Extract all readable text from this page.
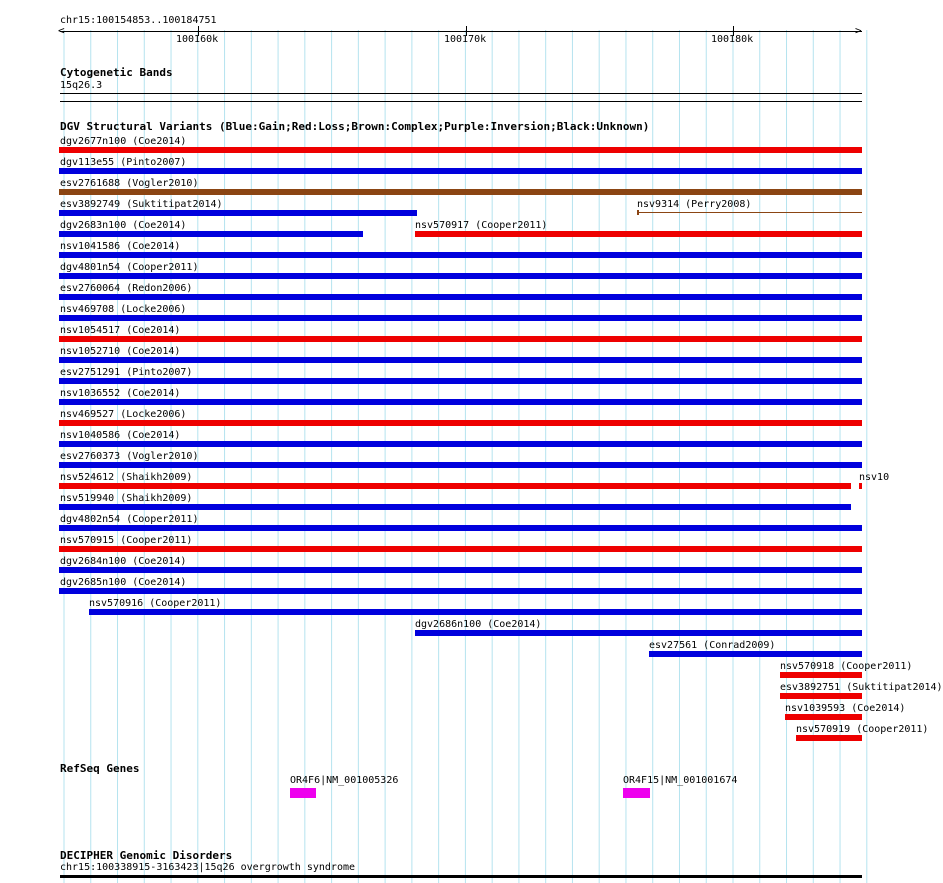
chr15:100154853..100184751
<	>
100160k	100170k	100180k
Cytogenetic Bands
15q26.3
DGV Structural Variants (Blue:Gain;Red:Loss;Brown:Complex;Purple:Inversion;Black:Unknown)
dgv2677n100 (Coe2014)
dgv113e55 (Pinto2007)
esv2761688 (Vogler2010)
esv3892749 (Suktitipat2014)	nsv9314 (Perry2008)
dgv2683n100 (Coe2014)	nsv570917 (Cooper2011)
nsv1041586 (Coe2014)
dgv4801n54 (Cooper2011)
esv2760064 (Redon2006)
nsv469708 (Locke2006)
nsv1054517 (Coe2014)
nsv1052710 (Coe2014)
esv2751291 (Pinto2007)
nsv1036552 (Coe2014)
nsv469527 (Locke2006)
nsv1040586 (Coe2014)
esv2760373 (Vogler2010)
nsv524612 (Shaikh2009)	nsv10
nsv519940 (Shaikh2009)
dgv4802n54 (Cooper2011)
nsv570915 (Cooper2011)
dgv2684n100 (Coe2014)
dgv2685n100 (Coe2014)
nsv570916 (Cooper2011)
dgv2686n100 (Coe2014)
esv27561 (Conrad2009)
nsv570918 (Cooper2011)
esv3892751 (Suktitipat2014)
nsv1039593 (Coe2014)
nsv570919 (Cooper2011)
RefSeq Genes
OR4F6|NM_001005326	OR4F15|NM_001001674
DECIPHER Genomic Disorders
chr15:100338915-3163423|15q26 overgrowth syndrome
